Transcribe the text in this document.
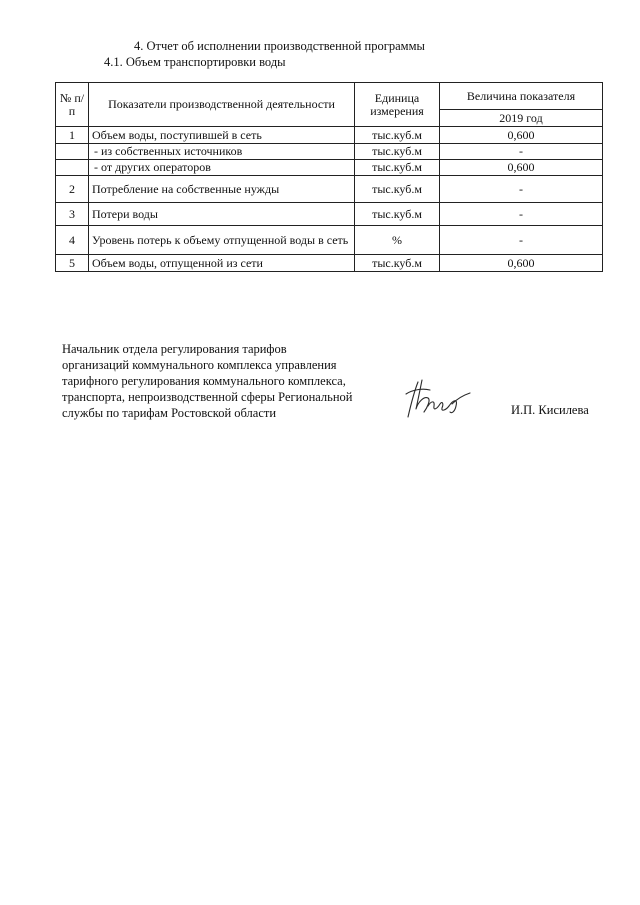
4. Отчет об исполнении производственной программы
4.1. Объем транспортировки воды
№ п/п	Показатели производственной деятельности	Единица измерения	Величина показателя
			2019 год
1	Объем воды, поступившей в сеть	тыс.куб.м	0,600
	- из собственных источников	тыс.куб.м	-
	- от других операторов	тыс.куб.м	0,600
2	Потребление на собственные нужды	тыс.куб.м	-
3	Потери воды	тыс.куб.м	-
4	Уровень потерь к объему отпущенной воды в сеть	%	-
5	Объем воды, отпущенной из сети	тыс.куб.м	0,600
Начальник отдела регулирования тарифов
организаций коммунального комплекса управления
тарифного регулирования коммунального комплекса,
транспорта, непроизводственной сферы Региональной
службы по тарифам Ростовской области	И.П. Кисилева
